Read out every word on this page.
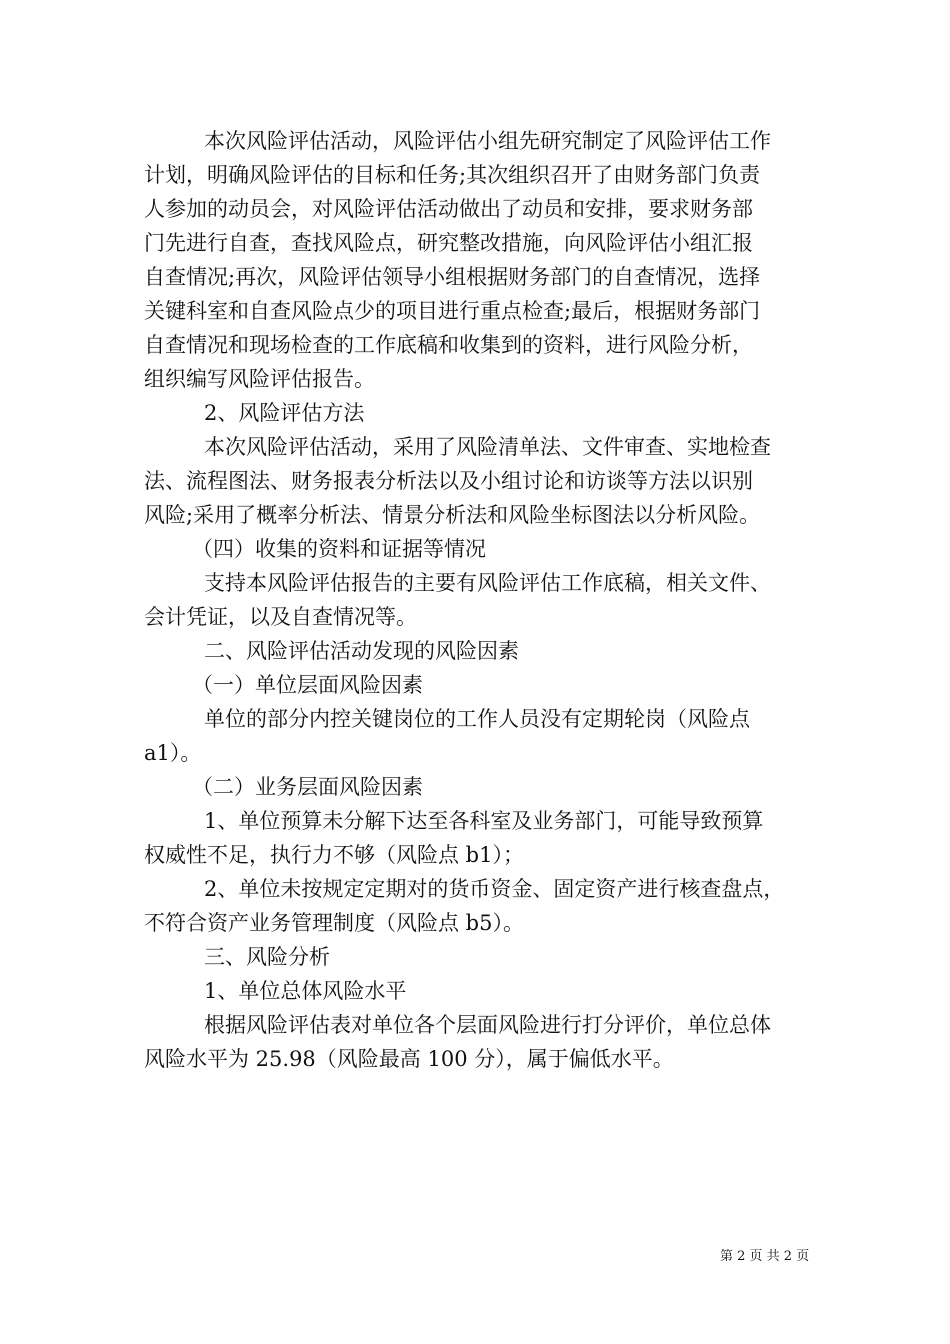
本次风险评估活动，风险评估小组先研究制定了风险评估工作
计划，明确风险评估的目标和任务;其次组织召开了由财务部门负责
人参加的动员会，对风险评估活动做出了动员和安排，要求财务部
门先进行自查，查找风险点，研究整改措施，向风险评估小组汇报
自查情况;再次，风险评估领导小组根据财务部门的自查情况，选择
关键科室和自查风险点少的项目进行重点检查;最后，根据财务部门
自查情况和现场检查的工作底稿和收集到的资料，进行风险分析，
组织编写风险评估报告。
2、风险评估方法
本次风险评估活动，采用了风险清单法、文件审查、实地检查
法、流程图法、财务报表分析法以及小组讨论和访谈等方法以识别
风险;采用了概率分析法、情景分析法和风险坐标图法以分析风险。
（四）收集的资料和证据等情况
支持本风险评估报告的主要有风险评估工作底稿，相关文件、
会计凭证，以及自查情况等。
二、风险评估活动发现的风险因素
（一）单位层面风险因素
单位的部分内控关键岗位的工作人员没有定期轮岗（风险点
a1）。
（二）业务层面风险因素
1、单位预算未分解下达至各科室及业务部门，可能导致预算
权威性不足，执行力不够（风险点 b1）；
2、单位未按规定定期对的货币资金、固定资产进行核查盘点，
不符合资产业务管理制度（风险点 b5）。
三、风险分析
1、单位总体风险水平
根据风险评估表对单位各个层面风险进行打分评价，单位总体
风险水平为 25.98（风险最高 100 分），属于偏低水平。
第 2 页 共 2 页
